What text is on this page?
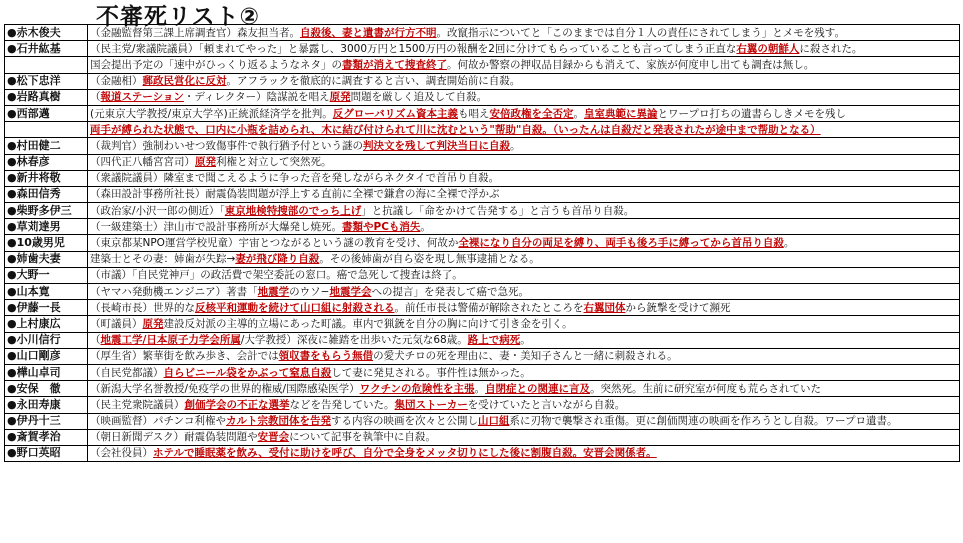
不審死リスト②
●赤木俊夫	（金融監督第三課上席調査官）森友担当者。自殺後、妻と遺書が行方不明。改竄指示についてと「このままでは自分１人の責任にされてしまう」とメモを残す。
●石井紘基	（民主党/衆議院議員）「頼まれてやった」と暴露し、3000万円と1500万円の報酬を2回に分けてもらっていることも言ってしまう正直な右翼の朝鮮人に殺された。
	国会提出予定の「速中がひっくり返るようなネタ」の書類が消えて捜査終了。何故か警察の押収品目録からも消えて、家族が何度申し出ても調査は無し。
●松下忠洋	（金融相）郵政民営化に反対。アフラックを徹底的に調査すると言い、調査開始前に自殺。
●岩路真樹	（報道ステーション・ディレクター）陰謀説を唱え原発問題を厳しく追及して自殺。
●西部邁	(元東京大学教授/東京大学卒)正統派経済学を批判。反グローバリズム資本主義も唱え安倍政権を全否定。皇室典範に異論とワープロ打ちの遺書らしきメモを残し
	両手が縛られた状態で、口内に小瓶を詰められ、木に結び付けられて川に沈むという"帮助"自殺。（いったんは自殺だと発表されたが途中まで帮助となる）
●村田健二	（裁判官）強制わいせつ致傷事件で執行猶予付という謎の判決文を残して判決当日に自殺。
●林春彦	（四代正八幡宮宮司）原発利権と対立して突然死。
●新井将敬	（衆議院議員）隣室まで聞こえるように争った音を発しながらネクタイで首吊り自殺。
●森田信秀	（森田設計事務所社長）耐震偽装問題が浮上する直前に全裸で鎌倉の海に全裸で浮かぶ
●柴野多伊三	（政治家/小沢一郎の側近）「東京地検特捜部のでっち上げ」と抗議し「命をかけて告発する」と言うも首吊り自殺。
●草苅達男	（一級建築士）津山市で設計事務所が大爆発し焼死。書類やPCも消失。
●10歳男児	（東京都某NPO運営学校児童）宇宙とつながるという謎の教育を受け、何故か全裸になり自分の両足を縛り、両手も後ろ手に縛ってから首吊り自殺。
●姉歯夫妻	建築士とその妻：姉歯が失踪→妻が飛び降り自殺。その後姉歯が自ら姿を現し無事逮捕となる。
●大野一	（市議）「自民党神戸」の政活費で架空委託の窓口。癌で急死して捜査は終了。
●山本寛	（ヤマハ発動機エンジニア）著書「地震学のウソ−地震学会への提言」を発表して癌で急死。
●伊藤一長	（長崎市長）世界的な反核平和運動を続けて山口組に射殺される。前任市長は警備が解除されたところを右翼団体から銃撃を受けて瀕死
●上村康広	（町議員）原発建設反対派の主導的立場にあった町議。車内で猟銃を自分の胸に向けて引き金を引く。
●小川信行	（地震工学/日本原子力学会所属/大学教授）深夜に雑踏を出歩いた元気な68歳。路上で病死。
●山口剛彦	（厚生省）繁華街を飲み歩き、会計では領収書をもらう無借の愛犬チロの死を理由に、妻・美知子さんと一緒に刺殺される。
●樺山卓司	（自民党都議）自らビニール袋をかぶって窒息自殺して妻に発見される。事件性は無かった。
●安保　徹	（新潟大学名誉教授/免疫学の世界的権威/国際感染医学）ワクチンの危険性を主張。自閉症との関連に言及。突然死。生前に研究室が何度も荒らされていた
●永田寿康	（民主党衆院議員）創価学会の不正な選挙などを告発していた。集団ストーカーを受けていたと言いながら自殺。
●伊丹十三	（映画監督）パチンコ利権やカルト宗教団体を告発する内容の映画を次々と公開し山口組系に刃物で襲撃され重傷。更に創価関連の映画を作ろうとし自殺。ワープロ遺書。
●斎賀孝治	（朝日新聞デスク）耐震偽装問題や安晋会について記事を執筆中に自殺。
●野口英昭	（会社役員）ホテルで睡眠薬を飲み、受付に助けを呼び、自分で全身をメッタ切りにした後に割腹自殺。安晋会関係者。
